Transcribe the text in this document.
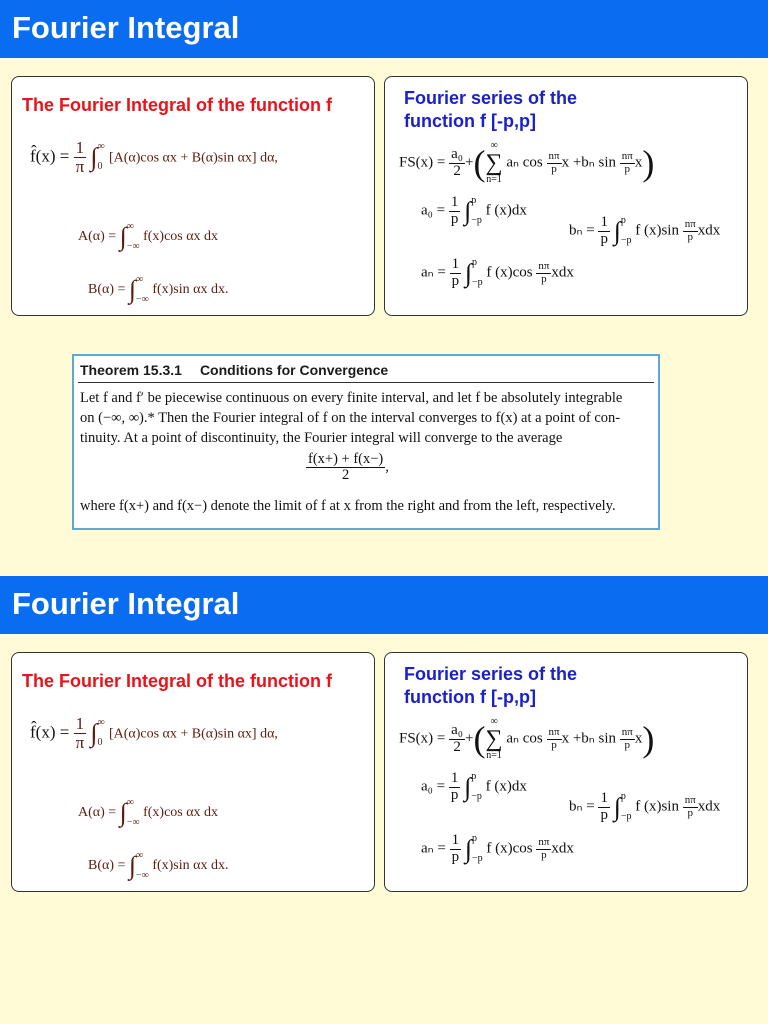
Fourier Integral
The Fourier Integral of the function f
f̂(x) = $\frac{1}{\pi}$ ∫ ∞
0
[A(α)cos αx + B(α)sin αx] dα,
A(α) = ∫ ∞
−∞
f(x)cos αx dx
B(α) = ∫ ∞
−∞
f(x)sin αx dx.
Fourier series of the
function f [-p,p]
$FS(x) = \frac{\text{a₀}}{2}$ +( ∞
∑
n=1
aₙ $\cos \frac{n\pi}{p}$ x +bₙ $\sin \frac{n\pi}{p} x$)
$a_0 = \frac{1}{p}$ ∫ p
−p
f (x)dx
$b_n = \frac{1}{p}$ ∫ p
−p
f $(x)\sin \frac{n\pi}{p}$ xdx
$a_n = \frac{1}{p}$ ∫ p
−p
f $(x)\cos \frac{n\pi}{p}$ xdx
Theorem 15.3.1 Conditions for Convergence
Let f and f′ be piecewise continuous on every finite interval, and let f be absolutely integrable
on (−∞, ∞).* Then the Fourier integral of f on the interval converges to f(x) at a point of con-
tinuity. At a point of discontinuity, the Fourier integral will converge to the average
$\frac{f(x+) + f(x-)}{2}$ ,
where f(x+) and f(x−) denote the limit of f at x from the right and from the left, respectively.
Fourier Integral
The Fourier Integral of the function f
f̂(x) = $\frac{1}{\pi}$ ∫ ∞
0
[A(α)cos αx + B(α)sin αx] dα,
A(α) = ∫ ∞
−∞
f(x)cos αx dx
B(α) = ∫ ∞
−∞
f(x)sin αx dx.
Fourier series of the
function f [-p,p]
$FS(x) = \frac{\text{a₀}}{2}$ +( ∞
∑
n=1
aₙ $\cos \frac{n\pi}{p}$ x +bₙ $\sin \frac{n\pi}{p} x$)
$a_0 = \frac{1}{p}$ ∫ p
−p
f (x)dx
$b_n = \frac{1}{p}$ ∫ p
−p
f $(x)\sin \frac{n\pi}{p}$ xdx
$a_n = \frac{1}{p}$ ∫ p
−p
f $(x)\cos \frac{n\pi}{p}$ xdx
